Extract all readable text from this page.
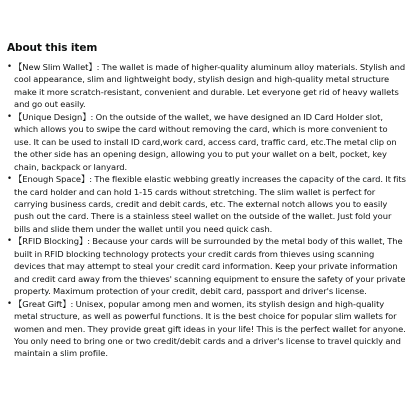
About this item
• 【New Slim Wallet】: The wallet is made of higher-quality aluminum alloy materials. Stylish and cool appearance, slim and lightweight body, stylish design and high-quality metal structure make it more scratch-resistant, convenient and durable. Let everyone get rid of heavy wallets and go out easily.
• 【Unique Design】: On the outside of the wallet, we have designed an ID Card Holder slot, which allows you to swipe the card without removing the card, which is more convenient to use. It can be used to install ID card,work card, access card, traffic card, etc.The metal clip on the other side has an opening design, allowing you to put your wallet on a belt, pocket, key chain, backpack or lanyard.
• 【Enough Space】: The flexible elastic webbing greatly increases the capacity of the card. It fits the card holder and can hold 1-15 cards without stretching. The slim wallet is perfect for carrying business cards, credit and debit cards, etc. The external notch allows you to easily push out the card. There is a stainless steel wallet on the outside of the wallet. Just fold your bills and slide them under the wallet until you need quick cash.
• 【RFID Blocking】: Because your cards will be surrounded by the metal body of this wallet, The built in RFID blocking technology protects your credit cards from thieves using scanning devices that may attempt to steal your credit card information. Keep your private information and credit card away from the thieves' scanning equipment to ensure the safety of your private property. Maximum protection of your credit, debit card, passport and driver's license.
• 【Great Gift】: Unisex, popular among men and women, its stylish design and high-quality metal structure, as well as powerful functions. It is the best choice for popular slim wallets for women and men. They provide great gift ideas in your life! This is the perfect wallet for anyone. You only need to bring one or two credit/debit cards and a driver's license to travel quickly and maintain a slim profile.
